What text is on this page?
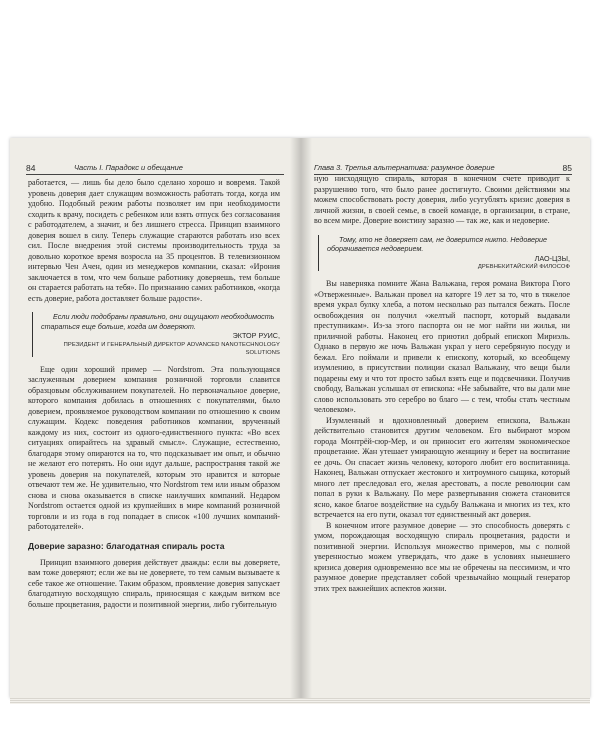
84	Часть I. Парадокс и обещание

работается, — лишь бы дело было сделано хорошо и вовремя. Такой уровень доверия дает служащим возможность работать тогда, когда им удобно. Подобный режим работы позволяет им при необходимости сходить к врачу, посидеть с ребенком или взять отпуск без согласования с работодателем, а значит, и без лишнего стресса. Принцип взаимного доверия вошел в силу. Теперь служащие стараются работать изо всех сил. После внедрения этой системы производительность труда за довольно короткое время возросла на 35 процентов. В телевизионном интервью Чен Ачен, один из менеджеров компании, сказал: «Ирония заключается в том, что чем больше работнику доверяешь, тем больше он старается работать на тебя». По признанию самих работников, «когда есть доверие, работа доставляет больше радости».

Если люди подобраны правильно, они ощущают необходимость стараться еще больше, когда им доверяют.

ЭКТОР РУИС,

ПРЕЗИДЕНТ И ГЕНЕРАЛЬНЫЙ ДИРЕКТОР ADVANCED NANOTECHNOLOGY SOLUTIONS

Еще один хороший пример — Nordstrom. Эта пользующаяся заслуженным доверием компания розничной торговли славится образцовым обслуживанием покупателей. Но первоначальное доверие, которого компания добилась в отношениях с покупателями, было доверием, проявляемое руководством компании по отношению к своим служащим. Кодекс поведения работников компании, врученный каждому из них, состоит из одного-единственного пункта: «Во всех ситуациях опирайтесь на здравый смысл». Служащие, естественно, благодаря этому опираются на то, что подсказывает им опыт, и обычно не желают его потерять. Но они идут дальше, распространяя такой же уровень доверия на покупателей, которым это нравится и которые отвечают тем же. Не удивительно, что Nordstrom тем или иным образом снова и снова оказывается в списке наилучших компаний. Недаром Nordstrom остается одной из крупнейших в мире компаний розничной торговли и из года в год попадает в список «100 лучших компаний-работодателей».

Доверие заразно: благодатная спираль роста

Принцип взаимного доверия действует дважды: если вы доверяете, вам тоже доверяют; если же вы не доверяете, то тем самым вызываете к себе такое же отношение. Таким образом, проявление доверия запускает благодатную восходящую спираль, приносящая с каждым витком все больше процветания, радости и позитивной энергии, либо губительную

Глава 3. Третья альтернатива: разумное доверие	85

ную нисходящую спираль, которая в конечном счете приводит к разрушению того, что было ранее достигнуто. Своими действиями мы можем способствовать росту доверия, либо усугублять кризис доверия в личной жизни, в своей семье, в своей команде, в организации, в стране, во всем мире. Доверие воистину заразно — так же, как и недоверие.

Тому, кто не доверяет сам, не доверится никто. Недоверие оборачивается недоверием.

ЛАО-ЦЗЫ,

ДРЕВНЕКИТАЙСКИЙ ФИЛОСОФ

Вы наверняка помните Жана Вальжана, героя романа Виктора Гюго «Отверженные». Вальжан провел на каторге 19 лет за то, что в тяжелое время украл булку хлеба, а потом несколько раз пытался бежать. После освобождения он получил «желтый паспорт, который выдавали преступникам». Из-за этого паспорта он не мог найти ни жилья, ни приличной работы. Наконец его приютил добрый епископ Мириэль. Однако в первую же ночь Вальжан украл у него серебряную посуду и бежал. Его поймали и привели к епископу, который, ко всеобщему изумлению, в присутствии полиции сказал Вальжану, что вещи были подарены ему и что тот просто забыл взять еще и подсвечники. Получив свободу, Вальжан услышал от епископа: «Не забывайте, что вы дали мне слово использовать это серебро во благо — с тем, чтобы стать честным человеком».

Изумленный и вдохновленный доверием епископа, Вальжан действительно становится другим человеком. Его выбирают мэром города Монтрёй-сюр-Мер, и он приносит его жителям экономическое процветание. Жан утешает умирающую женщину и берет на воспитание ее дочь. Он спасает жизнь человеку, которого любит его воспитанница. Наконец, Вальжан отпускает жестокого и хитроумного сыщика, который много лет преследовал его, желая арестовать, а после революции сам попал в руки к Вальжану. По мере развертывания сюжета становится ясно, какое благое воздействие на судьбу Вальжана и многих из тех, кто встречается на его пути, оказал тот единственный акт доверия.

В конечном итоге разумное доверие — это способность доверять с умом, порождающая восходящую спираль процветания, радости и позитивной энергии. Используя множество примеров, мы с полной уверенностью можем утверждать, что даже в условиях нынешнего кризиса доверия одновременно все мы не обречены на пессимизм, и что разумное доверие представляет собой чрезвычайно мощный генератор этих трех важнейших аспектов жизни.
